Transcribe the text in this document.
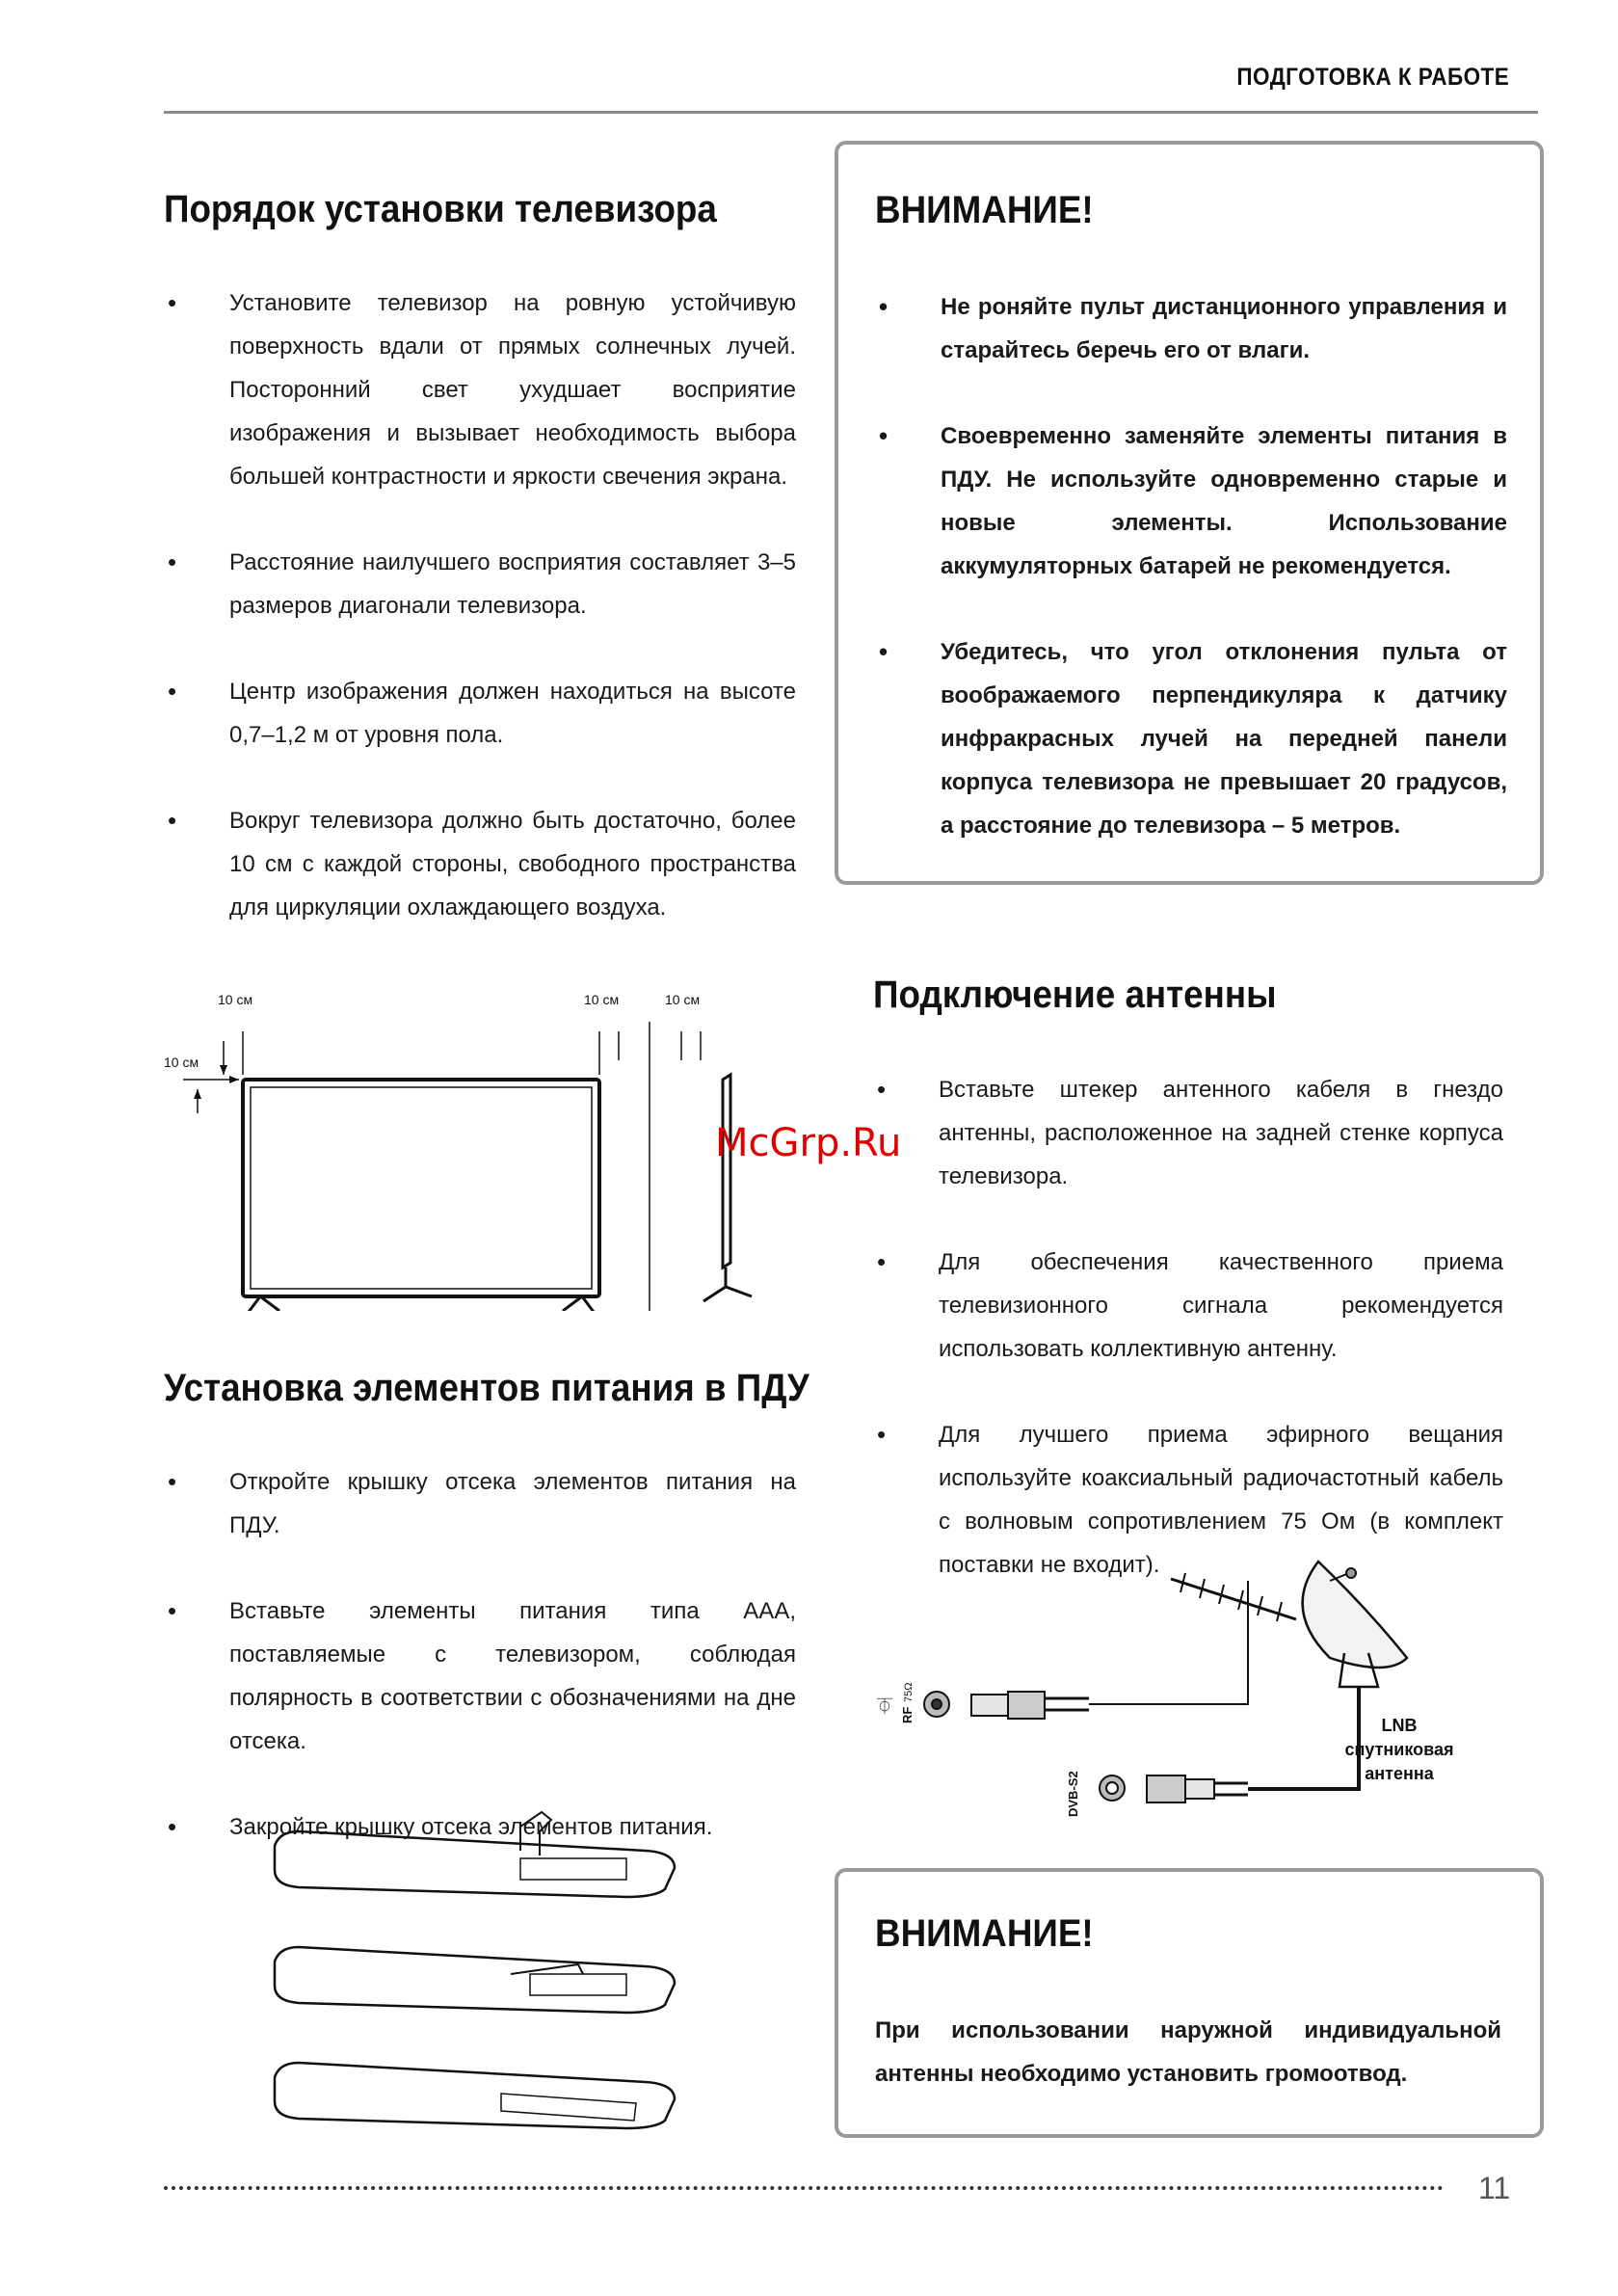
ПОДГОТОВКА К РАБОТЕ
Порядок установки телевизора
• Установите телевизор на ровную устойчивую поверхность вдали от прямых солнечных лучей. Посторонний свет ухудшает восприятие изображения и вызывает необходимость выбора большей контрастности и яркости свечения экрана.
• Расстояние наилучшего восприятия составляет 3–5 размеров диагонали телевизора.
• Центр изображения должен находиться на высоте 0,7–1,2 м от уровня пола.
• Вокруг телевизора должно быть достаточно, более 10 см с каждой стороны, свободного пространства для циркуляции охлаждающего воздуха.
10 см
10 см
10 см	10 см
Установка элементов питания в ПДУ
• Откройте крышку отсека элементов питания на ПДУ.
• Вставьте элементы питания типа ААА, поставляемые с телевизором, соблюдая полярность в соответствии с обозначениями на дне отсека.
• Закройте крышку отсека элементов питания.
ВНИМАНИЕ!
• Не роняйте пульт дистанционного управления и старайтесь беречь его от влаги.
• Своевременно заменяйте элементы питания в ПДУ. Не используйте одновременно старые и новые элементы. Использование аккумуляторных батарей не рекомендуется.
• Убедитесь, что угол отклонения пульта от воображаемого перпендикуляра к датчику инфракрасных лучей на передней панели корпуса телевизора не превышает 20 градусов, а расстояние до телевизора – 5 метров.
Подключение антенны
• Вставьте штекер антенного кабеля в гнездо антенны, расположенное на задней стенке корпуса телевизора.
• Для обеспечения качественного приема телевизионного сигнала рекомендуется использовать коллективную антенну.
• Для лучшего приема эфирного вещания используйте коаксиальный радиочастотный кабель с волновым сопротивлением 75 Ом (в комплект поставки не входит).
RF
75Ω
⏁
DVB-S2
LNB
спутниковая
антенна
ВНИМАНИЕ!
При использовании наружной индивидуальной антенны необходимо установить громоотвод.
McGrp.Ru
11
